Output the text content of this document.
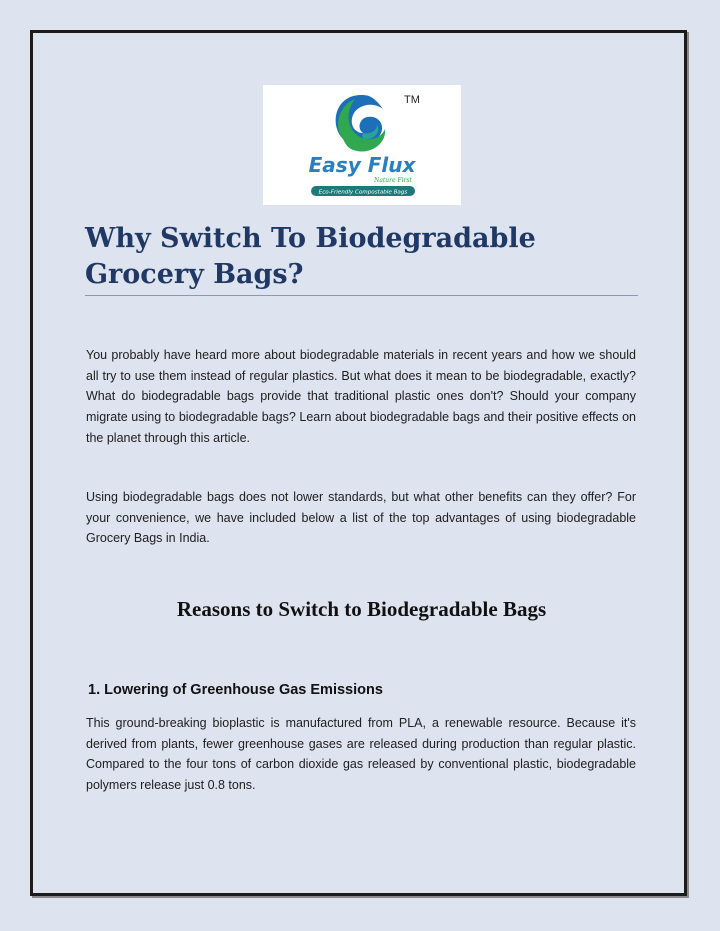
TM
Easy Flux
Nature First
Eco-Friendly Compostable Bags
Why Switch To Biodegradable Grocery Bags?

You probably have heard more about biodegradable materials in recent years and how we should all try to use them instead of regular plastics. But what does it mean to be biodegradable, exactly? What do biodegradable bags provide that traditional plastic ones don't? Should your company migrate using to biodegradable bags? Learn about biodegradable bags and their positive effects on the planet through this article.

Using biodegradable bags does not lower standards, but what other benefits can they offer? For your convenience, we have included below a list of the top advantages of using biodegradable Grocery Bags in India.

Reasons to Switch to Biodegradable Bags
1. Lowering of Greenhouse Gas Emissions

This ground-breaking bioplastic is manufactured from PLA, a renewable resource. Because it's derived from plants, fewer greenhouse gases are released during production than regular plastic. Compared to the four tons of carbon dioxide gas released by conventional plastic, biodegradable polymers release just 0.8 tons.
